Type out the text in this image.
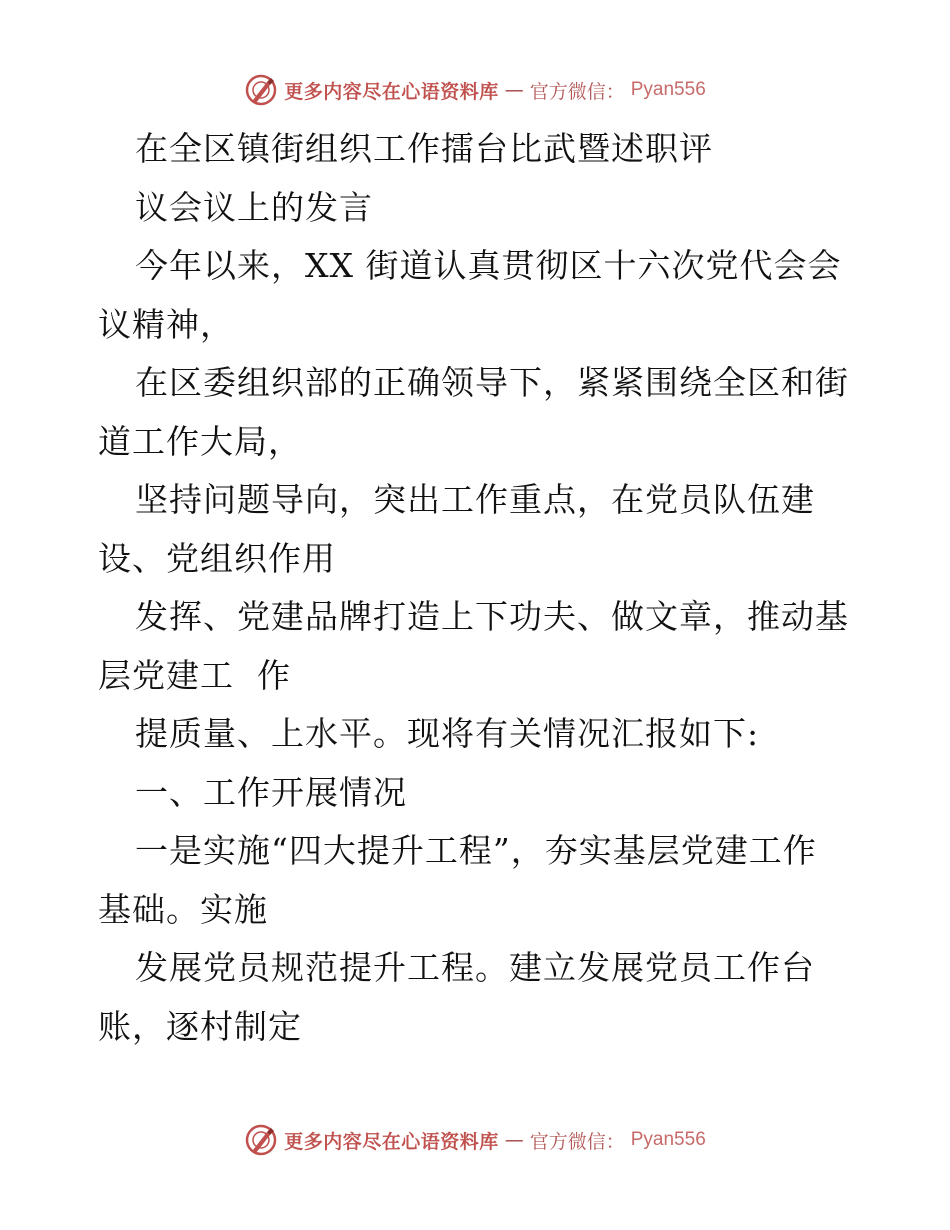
更多内容尽在心语资料库 — 官方微信： Pyan556
在全区镇街组织工作擂台比武暨述职评
议会议上的发言
今年以来，XX 街道认真贯彻区十六次党代会会
议精神，
在区委组织部的正确领导下，紧紧围绕全区和街
道工作大局，
坚持问题导向，突出工作重点，在党员队伍建
设、党组织作用
发挥、党建品牌打造上下功夫、做文章，推动基
层党建工  作
提质量、上水平。现将有关情况汇报如下:
一、工作开展情况
一是实施“四大提升工程”，夯实基层党建工作
基础。实施
发展党员规范提升工程。建立发展党员工作台
账，逐村制定
更多内容尽在心语资料库 — 官方微信： Pyan556
